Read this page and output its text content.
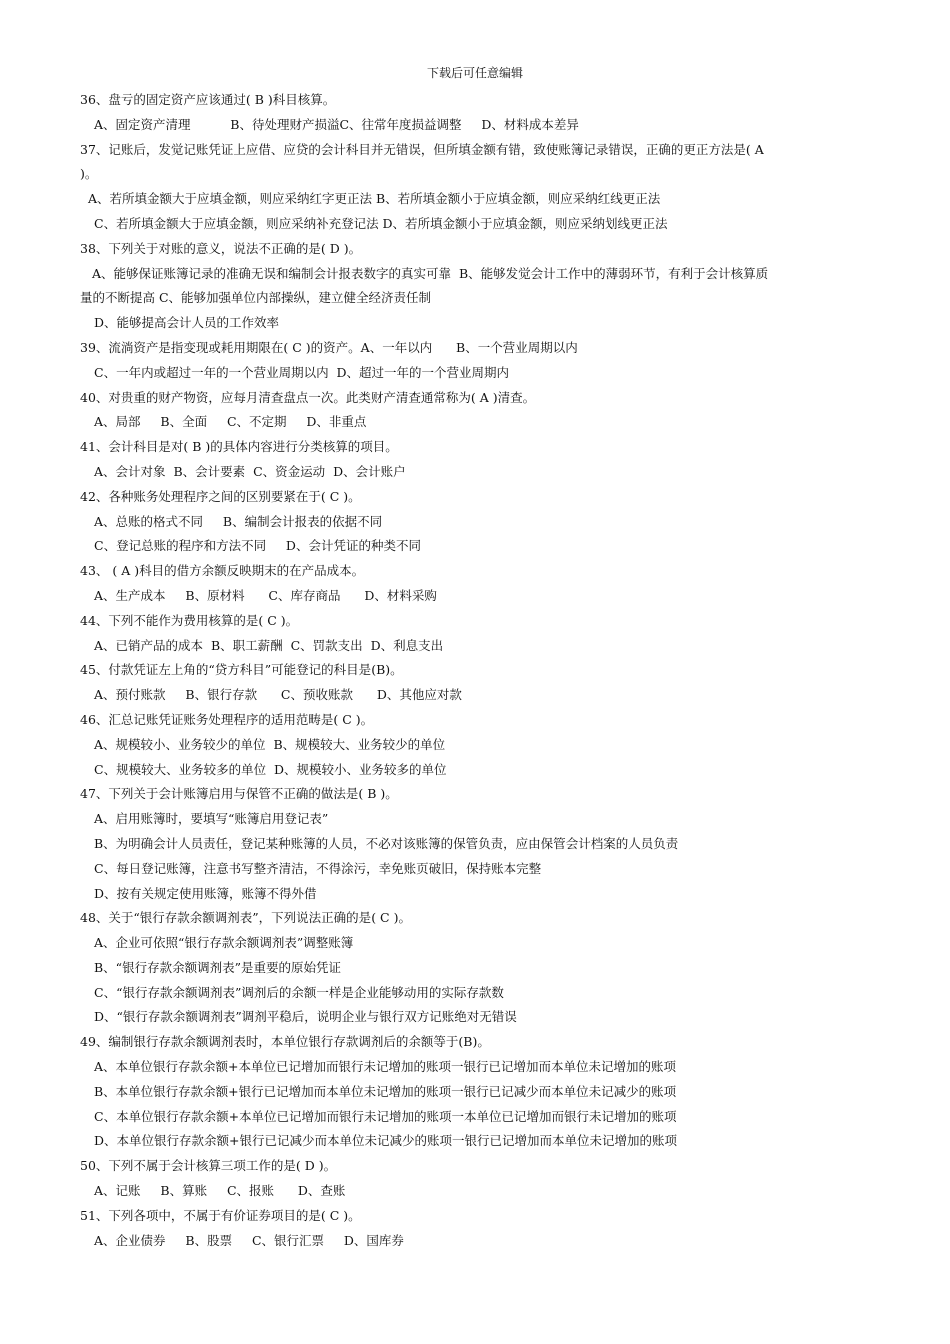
下载后可任意编辑
36、盘亏的固定资产应该通过( B )科目核算。
A、固定资产清理          B、待处理财产损溢C、往常年度损益调整     D、材料成本差异
37、记账后，发觉记账凭证上应借、应贷的会计科目并无错误，但所填金额有错，致使账簿记录错误，正确的更正方法是( A
)。
A、若所填金额大于应填金额，则应采纳红字更正法 B、若所填金额小于应填金额，则应采纳红线更正法
C、若所填金额大于应填金额，则应采纳补充登记法 D、若所填金额小于应填金额，则应采纳划线更正法
38、下列关于对账的意义，说法不正确的是( D )。
A、能够保证账簿记录的准确无误和编制会计报表数字的真实可靠  B、能够发觉会计工作中的薄弱环节，有利于会计核算质
量的不断提高 C、能够加强单位内部操纵，建立健全经济责任制
D、能够提高会计人员的工作效率
39、流淌资产是指变现或耗用期限在( C )的资产。A、一年以内      B、一个营业周期以内
C、一年内或超过一年的一个营业周期以内  D、超过一年的一个营业周期内
40、对贵重的财产物资，应每月清查盘点一次。此类财产清查通常称为( A )清查。
A、局部     B、全面     C、不定期     D、非重点
41、会计科目是对( B )的具体内容进行分类核算的项目。
A、会计对象  B、会计要素  C、资金运动  D、会计账户
42、各种账务处理程序之间的区别要紧在于( C )。
A、总账的格式不同     B、编制会计报表的依据不同
C、登记总账的程序和方法不同     D、会计凭证的种类不同
43、 ( A )科目的借方余额反映期末的在产品成本。
A、生产成本     B、原材料      C、库存商品      D、材料采购
44、下列不能作为费用核算的是( C )。
A、已销产品的成本  B、职工薪酬  C、罚款支出  D、利息支出
45、付款凭证左上角的“贷方科目”可能登记的科目是(B)。
A、预付账款     B、银行存款      C、预收账款      D、其他应对款
46、汇总记账凭证账务处理程序的适用范畴是( C )。
A、规模较小、业务较少的单位  B、规模较大、业务较少的单位
C、规模较大、业务较多的单位  D、规模较小、业务较多的单位
47、下列关于会计账簿启用与保管不正确的做法是( B )。
A、启用账簿时，要填写“账簿启用登记表”
B、为明确会计人员责任，登记某种账簿的人员，不必对该账簿的保管负责，应由保管会计档案的人员负责
C、每日登记账簿，注意书写整齐清洁，不得涂污，幸免账页破旧，保持账本完整
D、按有关规定使用账簿，账簿不得外借
48、关于“银行存款余额调剂表”，下列说法正确的是( C )。
A、企业可依照“银行存款余额调剂表”调整账簿
B、“银行存款余额调剂表”是重要的原始凭证
C、“银行存款余额调剂表”调剂后的余额一样是企业能够动用的实际存款数
D、“银行存款余额调剂表”调剂平稳后，说明企业与银行双方记账绝对无错误
49、编制银行存款余额调剂表时，本单位银行存款调剂后的余额等于(B)。
A、本单位银行存款余额+本单位已记增加而银行未记增加的账项一银行已记增加而本单位未记增加的账项
B、本单位银行存款余额+银行已记增加而本单位未记增加的账项一银行已记减少而本单位未记减少的账项
C、本单位银行存款余额+本单位已记增加而银行未记增加的账项一本单位已记增加而银行未记增加的账项
D、本单位银行存款余额+银行已记减少而本单位未记减少的账项一银行已记增加而本单位未记增加的账项
50、下列不属于会计核算三项工作的是( D )。
A、记账     B、算账     C、报账      D、查账
51、下列各项中，不属于有价证券项目的是( C )。
A、企业债券     B、股票     C、银行汇票     D、国库券
